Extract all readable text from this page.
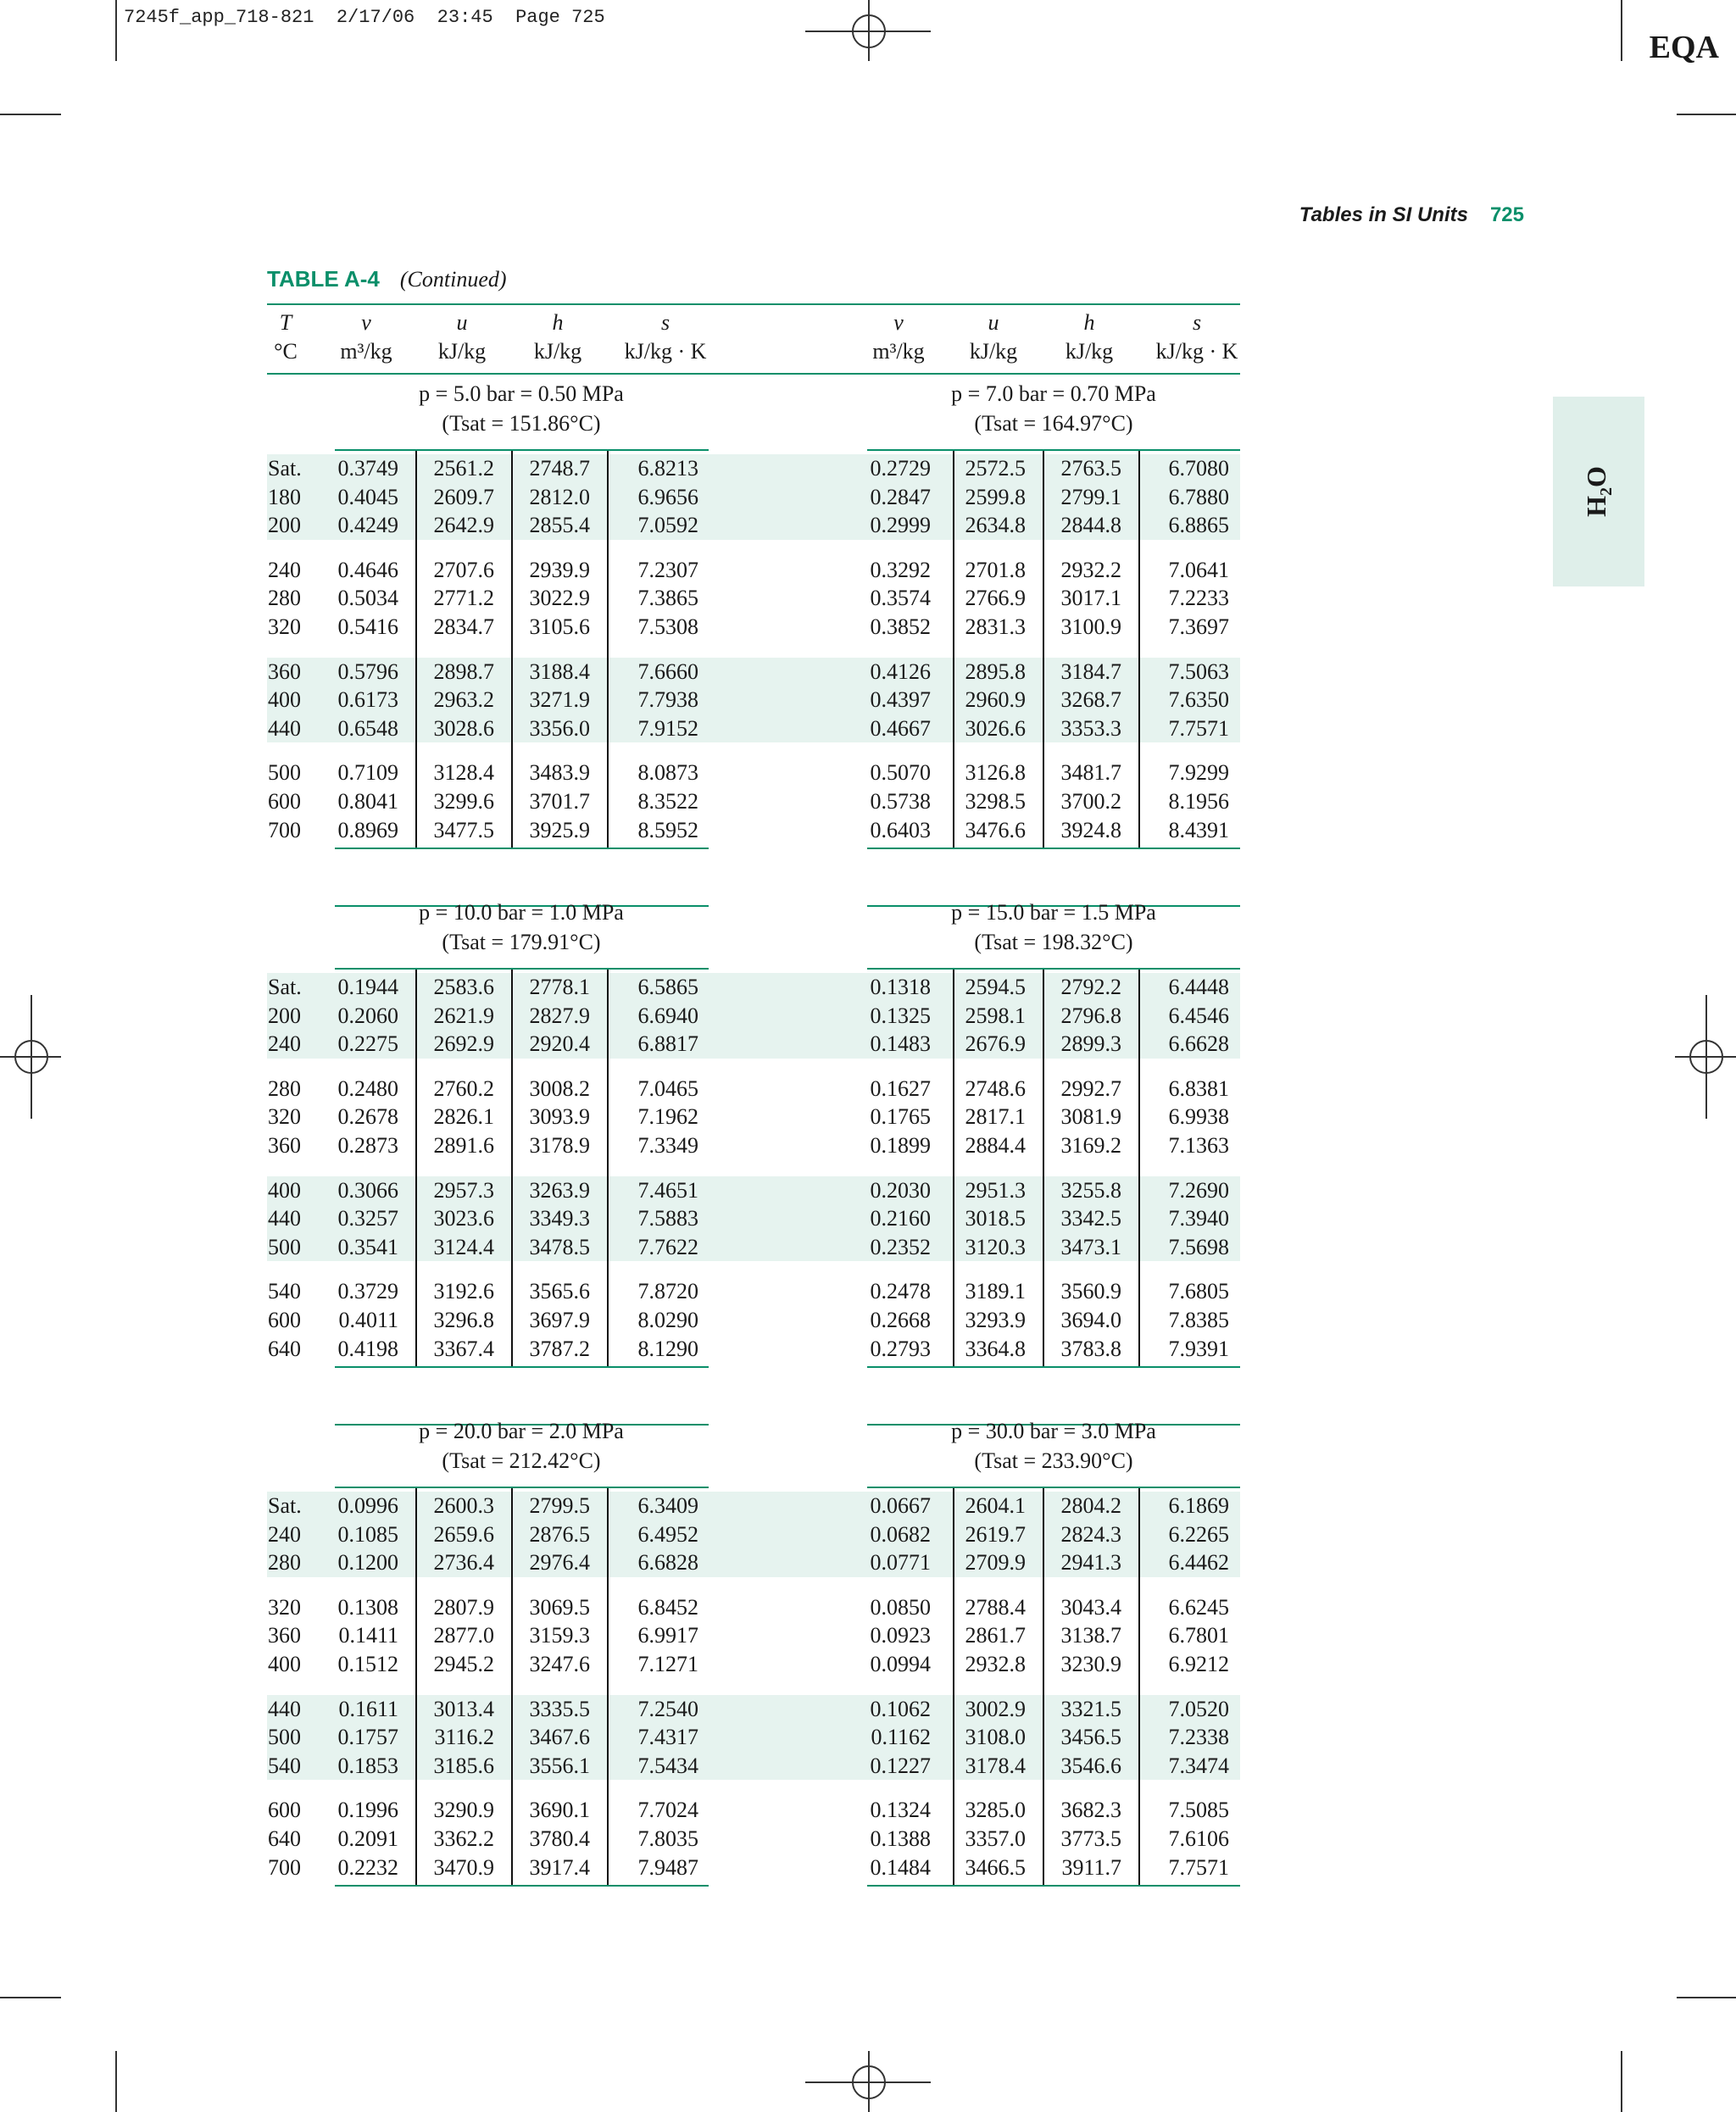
7245f_app_718-821  2/17/06  23:45  Page 725
EQA
Tables in SI Units 725
$H_2O$
TABLE A-4 (Continued)
T
°C
v
m³/kg
u
kJ/kg
h
kJ/kg
s
kJ/kg · K
v
m³/kg
u
kJ/kg
h
kJ/kg
s
kJ/kg · K
p = 5.0 bar = 0.50 MPa
(Tsat = 151.86°C)
p = 7.0 bar = 0.70 MPa
(Tsat = 164.97°C)
Sat.	0.3749	2561.2	2748.7	6.8213	0.2729	2572.5	2763.5	6.7080
180	0.4045	2609.7	2812.0	6.9656	0.2847	2599.8	2799.1	6.7880
200	0.4249	2642.9	2855.4	7.0592	0.2999	2634.8	2844.8	6.8865
240	0.4646	2707.6	2939.9	7.2307	0.3292	2701.8	2932.2	7.0641
280	0.5034	2771.2	3022.9	7.3865	0.3574	2766.9	3017.1	7.2233
320	0.5416	2834.7	3105.6	7.5308	0.3852	2831.3	3100.9	7.3697
360	0.5796	2898.7	3188.4	7.6660	0.4126	2895.8	3184.7	7.5063
400	0.6173	2963.2	3271.9	7.7938	0.4397	2960.9	3268.7	7.6350
440	0.6548	3028.6	3356.0	7.9152	0.4667	3026.6	3353.3	7.7571
500	0.7109	3128.4	3483.9	8.0873	0.5070	3126.8	3481.7	7.9299
600	0.8041	3299.6	3701.7	8.3522	0.5738	3298.5	3700.2	8.1956
700	0.8969	3477.5	3925.9	8.5952	0.6403	3476.6	3924.8	8.4391
p = 10.0 bar = 1.0 MPa
(Tsat = 179.91°C)
p = 15.0 bar = 1.5 MPa
(Tsat = 198.32°C)
Sat.	0.1944	2583.6	2778.1	6.5865	0.1318	2594.5	2792.2	6.4448
200	0.2060	2621.9	2827.9	6.6940	0.1325	2598.1	2796.8	6.4546
240	0.2275	2692.9	2920.4	6.8817	0.1483	2676.9	2899.3	6.6628
280	0.2480	2760.2	3008.2	7.0465	0.1627	2748.6	2992.7	6.8381
320	0.2678	2826.1	3093.9	7.1962	0.1765	2817.1	3081.9	6.9938
360	0.2873	2891.6	3178.9	7.3349	0.1899	2884.4	3169.2	7.1363
400	0.3066	2957.3	3263.9	7.4651	0.2030	2951.3	3255.8	7.2690
440	0.3257	3023.6	3349.3	7.5883	0.2160	3018.5	3342.5	7.3940
500	0.3541	3124.4	3478.5	7.7622	0.2352	3120.3	3473.1	7.5698
540	0.3729	3192.6	3565.6	7.8720	0.2478	3189.1	3560.9	7.6805
600	0.4011	3296.8	3697.9	8.0290	0.2668	3293.9	3694.0	7.8385
640	0.4198	3367.4	3787.2	8.1290	0.2793	3364.8	3783.8	7.9391
p = 20.0 bar = 2.0 MPa
(Tsat = 212.42°C)
p = 30.0 bar = 3.0 MPa
(Tsat = 233.90°C)
Sat.	0.0996	2600.3	2799.5	6.3409	0.0667	2604.1	2804.2	6.1869
240	0.1085	2659.6	2876.5	6.4952	0.0682	2619.7	2824.3	6.2265
280	0.1200	2736.4	2976.4	6.6828	0.0771	2709.9	2941.3	6.4462
320	0.1308	2807.9	3069.5	6.8452	0.0850	2788.4	3043.4	6.6245
360	0.1411	2877.0	3159.3	6.9917	0.0923	2861.7	3138.7	6.7801
400	0.1512	2945.2	3247.6	7.1271	0.0994	2932.8	3230.9	6.9212
440	0.1611	3013.4	3335.5	7.2540	0.1062	3002.9	3321.5	7.0520
500	0.1757	3116.2	3467.6	7.4317	0.1162	3108.0	3456.5	7.2338
540	0.1853	3185.6	3556.1	7.5434	0.1227	3178.4	3546.6	7.3474
600	0.1996	3290.9	3690.1	7.7024	0.1324	3285.0	3682.3	7.5085
640	0.2091	3362.2	3780.4	7.8035	0.1388	3357.0	3773.5	7.6106
700	0.2232	3470.9	3917.4	7.9487	0.1484	3466.5	3911.7	7.7571
